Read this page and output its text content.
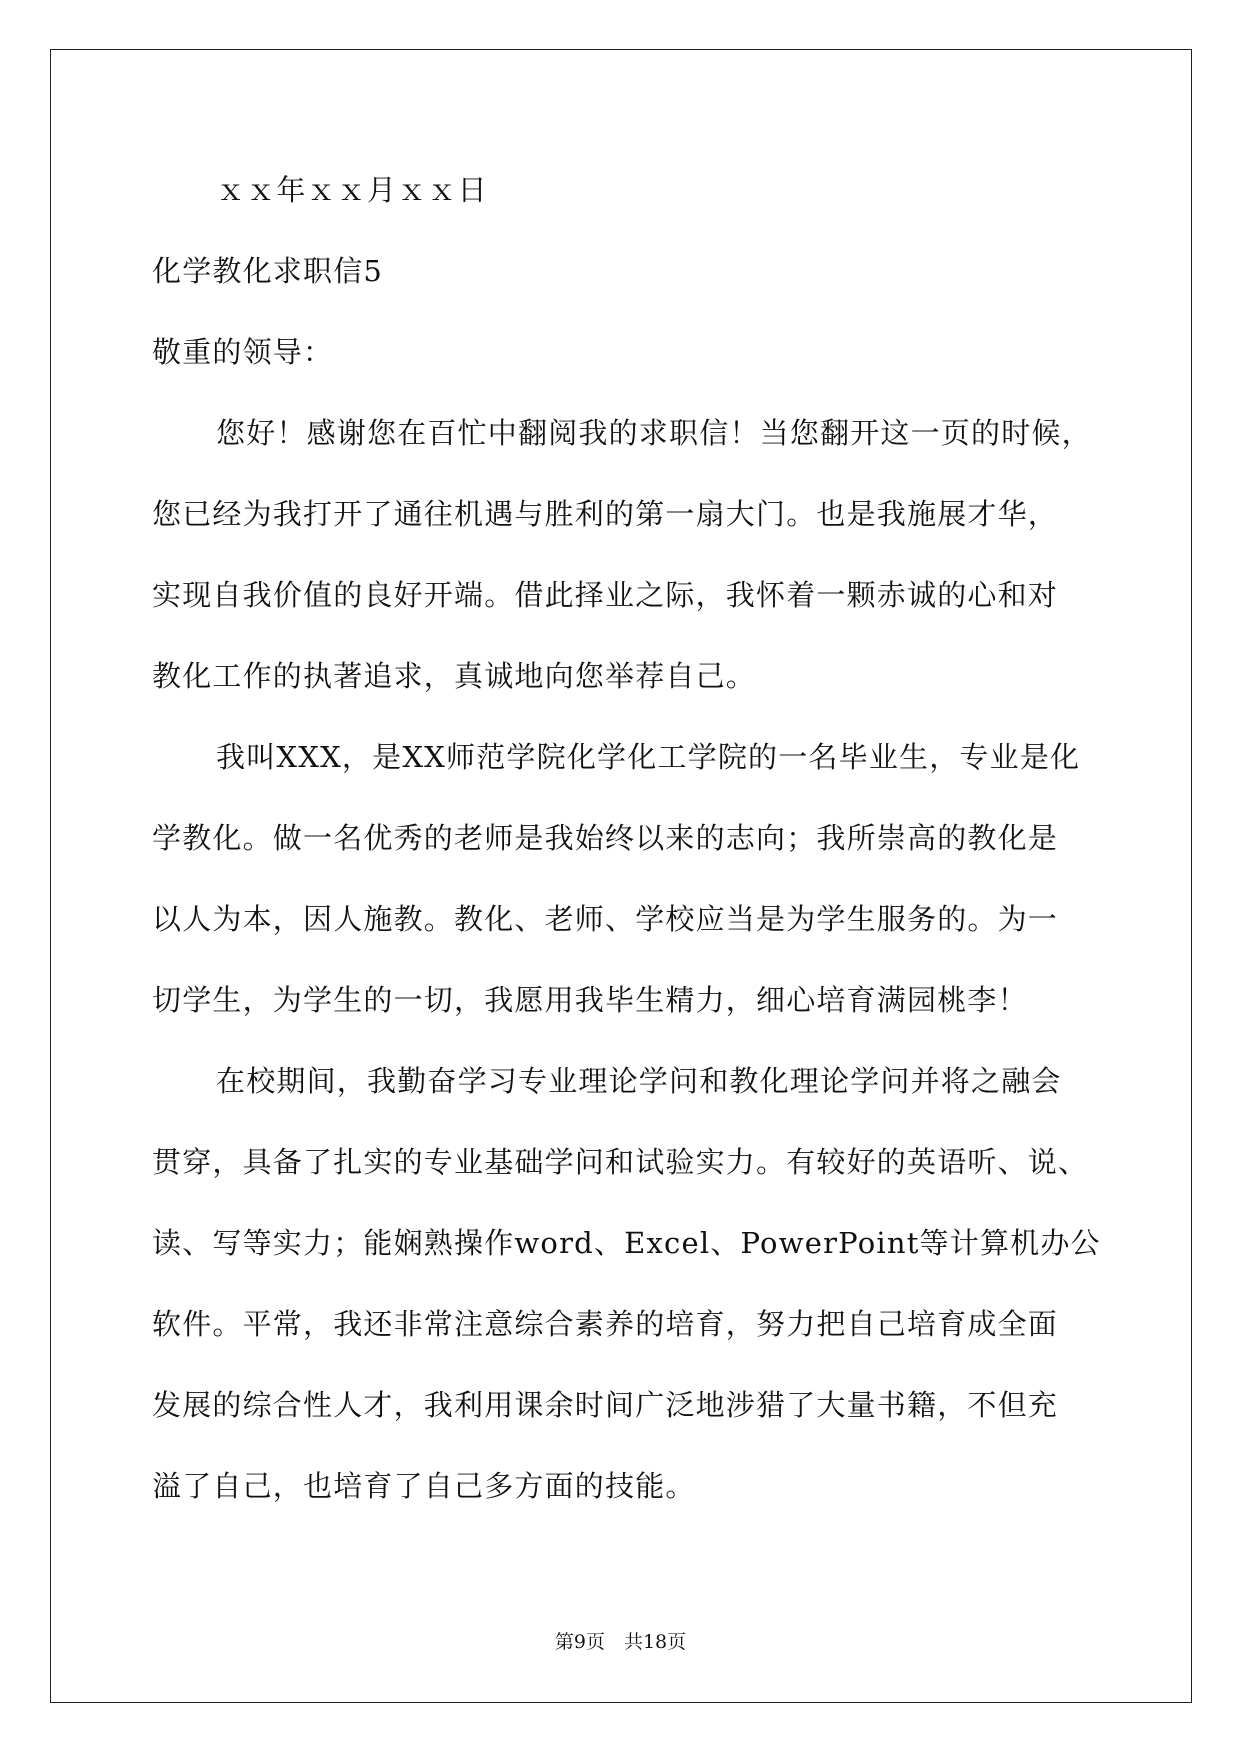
ｘｘ年ｘｘ月ｘｘ日
化学教化求职信5
敬重的领导：
您好！感谢您在百忙中翻阅我的求职信！当您翻开这一页的时候，
您已经为我打开了通往机遇与胜利的第一扇大门。也是我施展才华，
实现自我价值的良好开端。借此择业之际，我怀着一颗赤诚的心和对
教化工作的执著追求，真诚地向您举荐自己。
我叫XXX，是XX师范学院化学化工学院的一名毕业生，专业是化
学教化。做一名优秀的老师是我始终以来的志向；我所崇高的教化是
以人为本，因人施教。教化、老师、学校应当是为学生服务的。为一
切学生，为学生的一切，我愿用我毕生精力，细心培育满园桃李！
在校期间，我勤奋学习专业理论学问和教化理论学问并将之融会
贯穿，具备了扎实的专业基础学问和试验实力。有较好的英语听、说、
读、写等实力；能娴熟操作word、Excel、PowerPoint等计算机办公
软件。平常，我还非常注意综合素养的培育，努力把自己培育成全面
发展的综合性人才，我利用课余时间广泛地涉猎了大量书籍，不但充
溢了自己，也培育了自己多方面的技能。
第9页　共18页
